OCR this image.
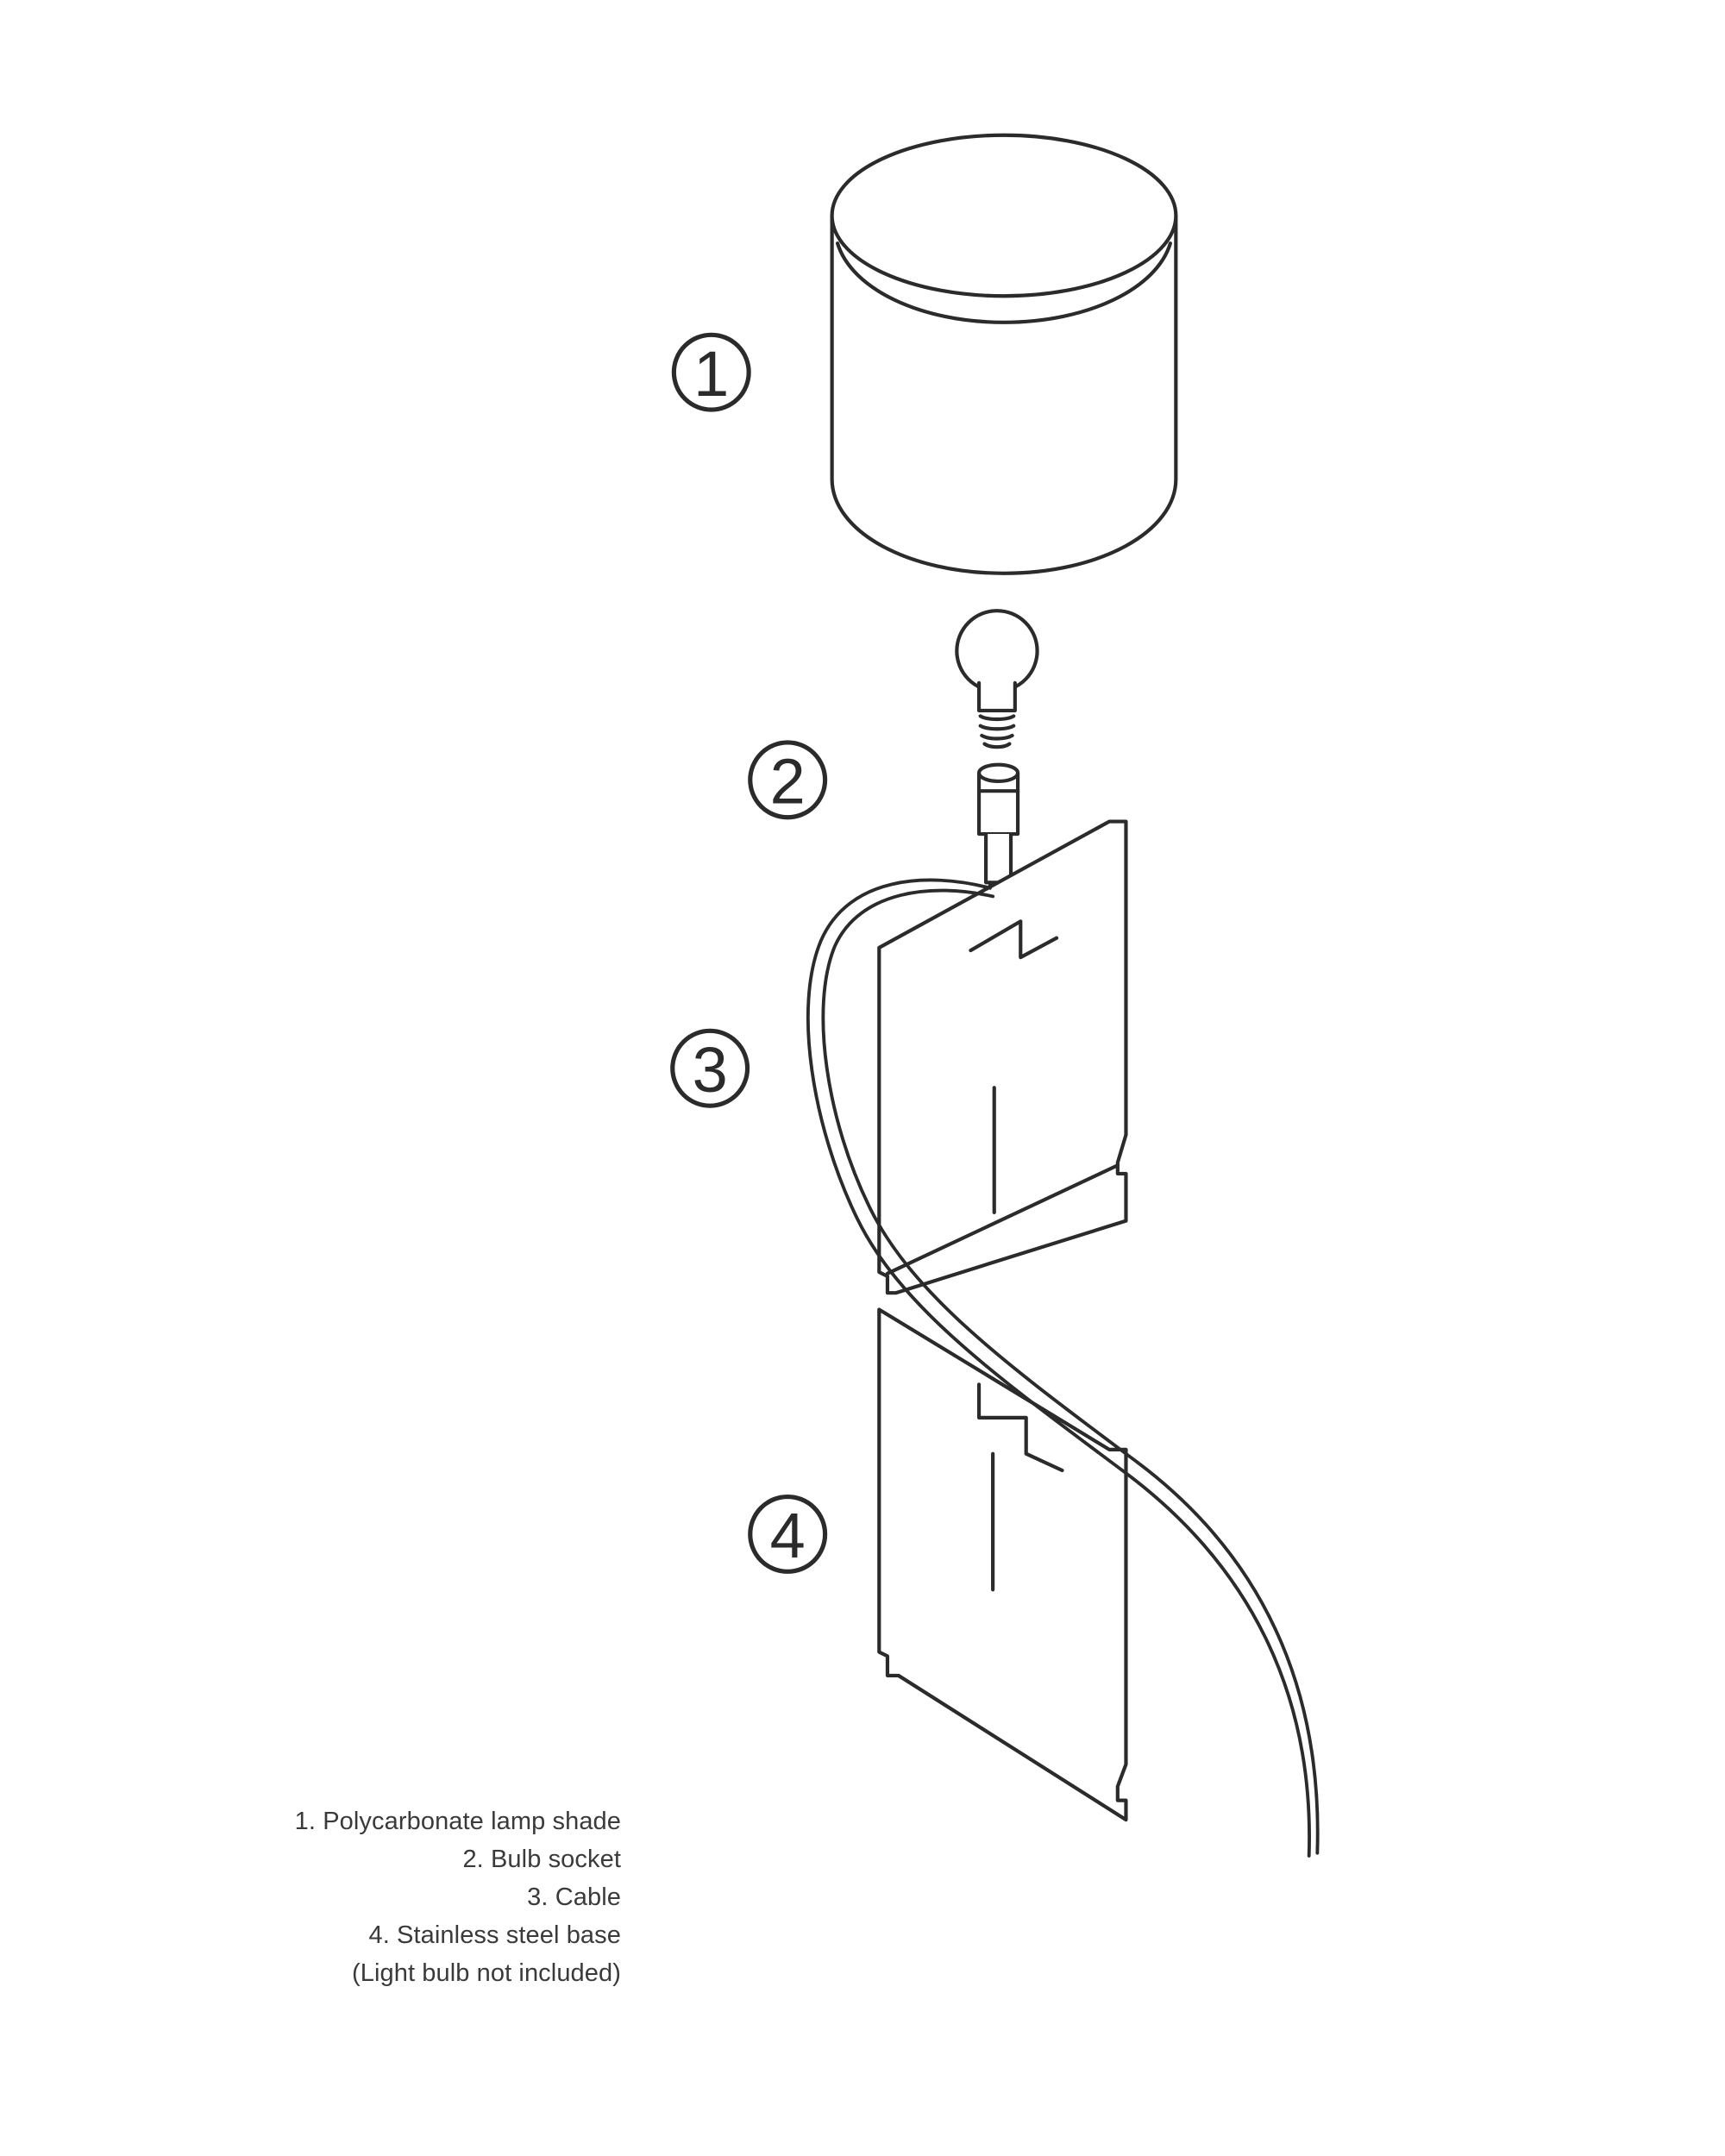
1
2
3
4
1. Polycarbonate lamp shade
2. Bulb socket
3. Cable
4. Stainless steel base
(Light bulb not included)
